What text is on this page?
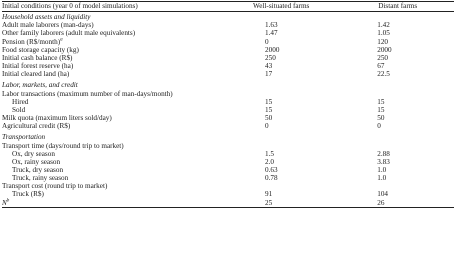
Initial conditions (year 0 of model simulations)	Well-situated farms	Distant farms
Household assets and liquidity		
Adult male laborers (man-days)	1.63	1.42
Other family laborers (adult male equivalents)	1.47	1.05
Pension (R$/month)$^a$	0	120
Food storage capacity (kg)	2000	2000
Initial cash balance (R$)	250	250
Initial forest reserve (ha)	43	67
Initial cleared land (ha)	17	22.5
Labor, markets, and credit		
Labor transactions (maximum number of man-days/month)		
Hired	15	15
Sold	15	15
Milk quota (maximum liters sold/day)	50	50
Agricultural credit (R$)	0	0
Transportation		
Transport time (days/round trip to market)		
Ox, dry season	1.5	2.88
Ox, rainy season	2.0	3.83
Truck, dry season	0.63	1.0
Truck, rainy season	0.78	1.0
Transport cost (round trip to market)		
Truck (R$)	91	104
$N^b$	25	26
